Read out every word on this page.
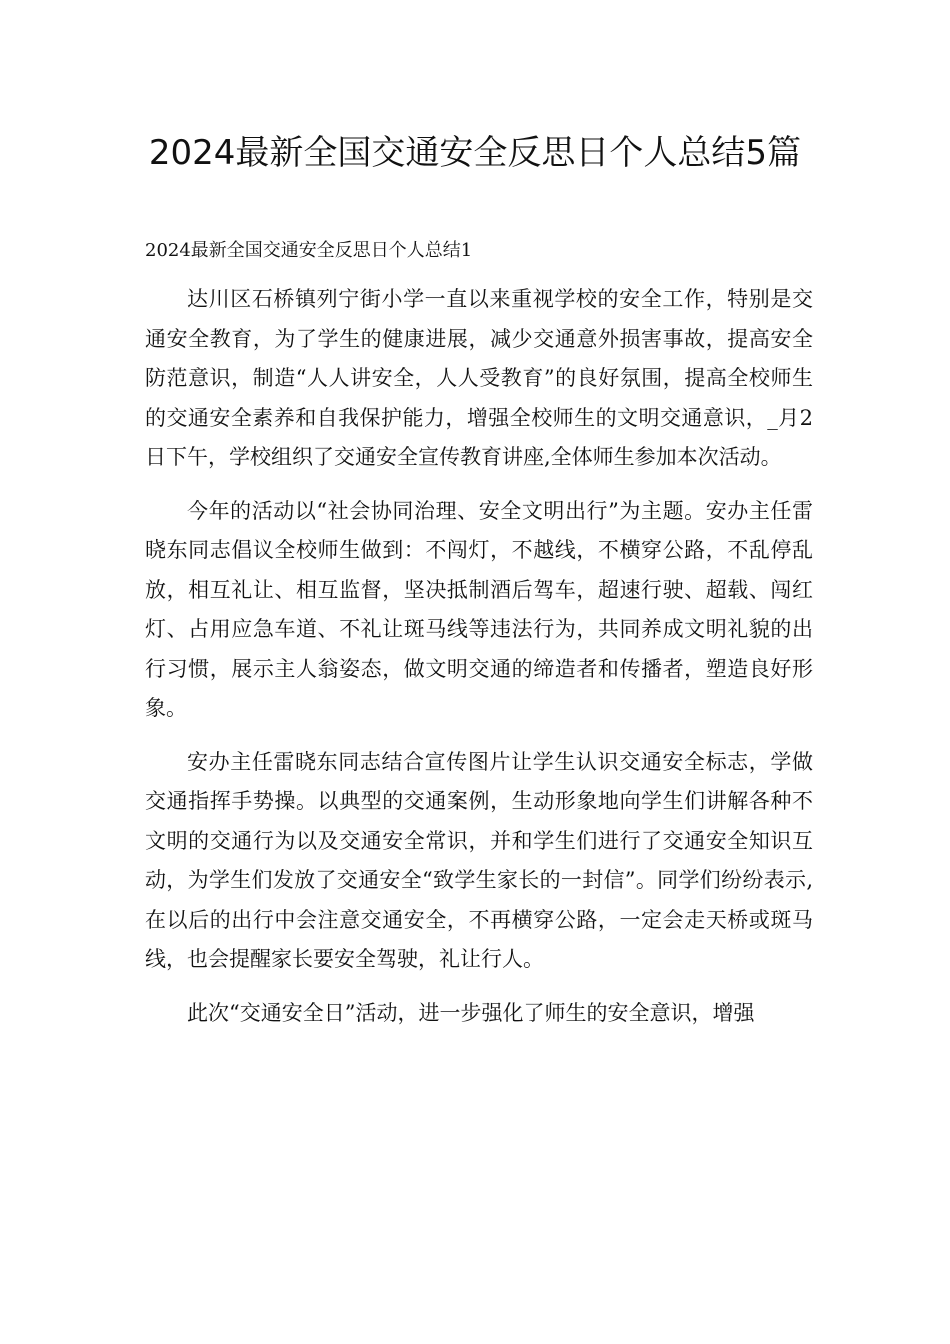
2024最新全国交通安全反思日个人总结5篇

2024最新全国交通安全反思日个人总结1

达川区石桥镇列宁街小学一直以来重视学校的安全工作，特别是交通安全教育，为了学生的健康进展，减少交通意外损害事故，提高安全防范意识，制造“人人讲安全，人人受教育”的良好氛围，提高全校师生的交通安全素养和自我保护能力，增强全校师生的文明交通意识，_月2日下午，学校组织了交通安全宣传教育讲座,全体师生参加本次活动。

今年的活动以“社会协同治理、安全文明出行”为主题。安办主任雷晓东同志倡议全校师生做到：不闯灯，不越线，不横穿公路，不乱停乱放，相互礼让、相互监督，坚决抵制酒后驾车，超速行驶、超载、闯红灯、占用应急车道、不礼让斑马线等违法行为，共同养成文明礼貌的出行习惯，展示主人翁姿态，做文明交通的缔造者和传播者，塑造良好形象。

安办主任雷晓东同志结合宣传图片让学生认识交通安全标志，学做交通指挥手势操。以典型的交通案例，生动形象地向学生们讲解各种不文明的交通行为以及交通安全常识，并和学生们进行了交通安全知识互动，为学生们发放了交通安全“致学生家长的一封信”。同学们纷纷表示,在以后的出行中会注意交通安全，不再横穿公路，一定会走天桥或斑马线，也会提醒家长要安全驾驶，礼让行人。

此次“交通安全日”活动，进一步强化了师生的安全意识，增强
